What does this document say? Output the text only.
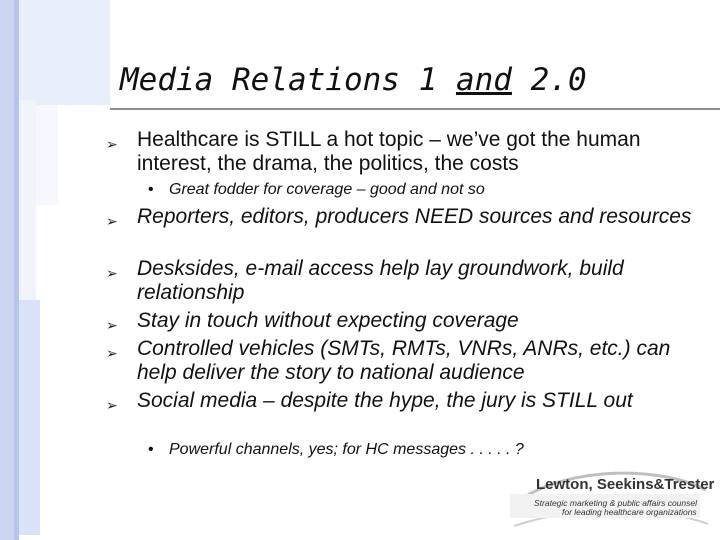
Media Relations 1 and 2.0
➢ Healthcare is STILL a hot topic – we’ve got the human interest, the drama, the politics, the costs
• Great fodder for coverage – good and not so
➢ Reporters, editors, producers NEED sources and resources
➢ Desksides, e-mail access help lay groundwork, build relationship
➢ Stay in touch without expecting coverage
➢ Controlled vehicles (SMTs, RMTs, VNRs, ANRs, etc.) can help deliver the story to national audience
➢ Social media – despite the hype, the jury is STILL out
• Powerful channels, yes; for HC messages . . . . . ?
Lewton, Seekins&Trester
Strategic marketing & public affairs counsel
for leading healthcare organizations
